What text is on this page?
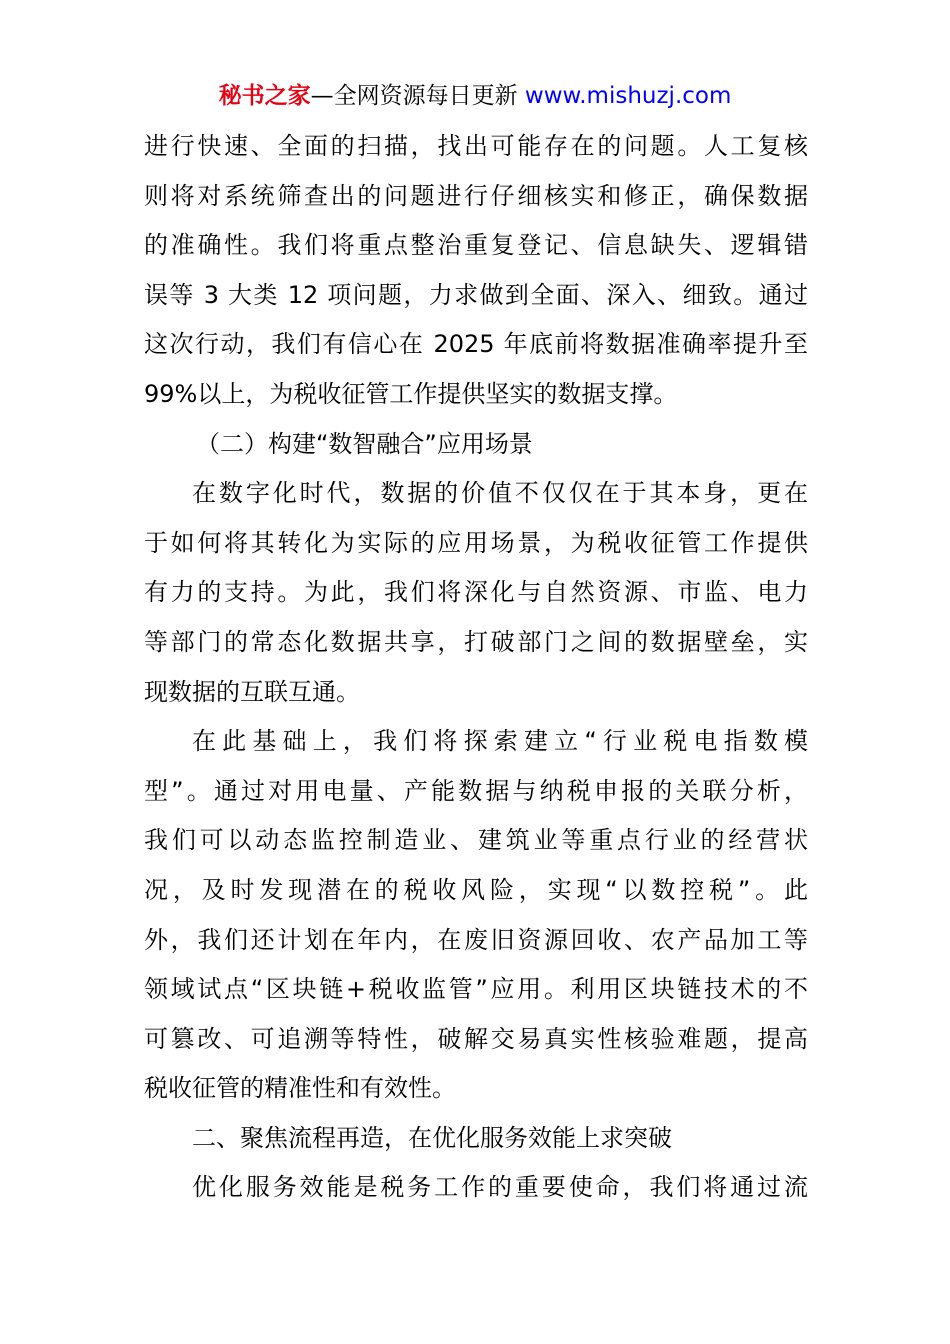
秘书之家—全网资源每日更新 www.mishuzj.com
进行快速、全面的扫描，找出可能存在的问题。人工复核
则将对系统筛查出的问题进行仔细核实和修正，确保数据
的准确性。我们将重点整治重复登记、信息缺失、逻辑错
误等 3 大类 12 项问题，力求做到全面、深入、细致。通过
这次行动，我们有信心在 2025 年底前将数据准确率提升至
99%以上，为税收征管工作提供坚实的数据支撑。
（二）构建“数智融合”应用场景
在数字化时代，数据的价值不仅仅在于其本身，更在
于如何将其转化为实际的应用场景，为税收征管工作提供
有力的支持。为此，我们将深化与自然资源、市监、电力
等部门的常态化数据共享，打破部门之间的数据壁垒，实
现数据的互联互通。
在此基础上，我们将探索建立“行业税电指数模
型”。通过对用电量、产能数据与纳税申报的关联分析，
我们可以动态监控制造业、建筑业等重点行业的经营状
况，及时发现潜在的税收风险，实现“以数控税”。此
外，我们还计划在年内，在废旧资源回收、农产品加工等
领域试点“区块链+税收监管”应用。利用区块链技术的不
可篡改、可追溯等特性，破解交易真实性核验难题，提高
税收征管的精准性和有效性。
二、聚焦流程再造，在优化服务效能上求突破
优化服务效能是税务工作的重要使命，我们将通过流
